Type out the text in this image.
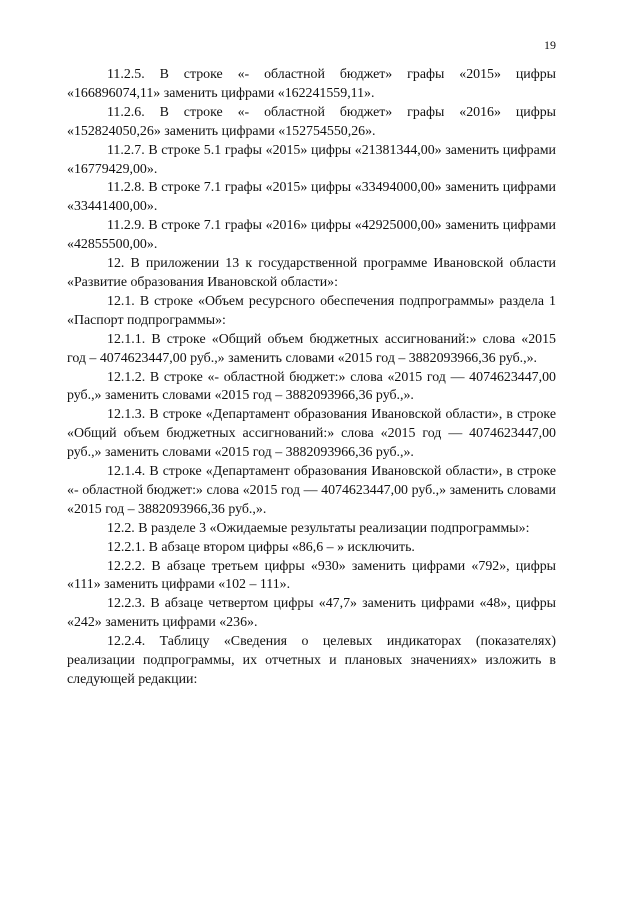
19

11.2.5. В строке «- областной бюджет» графы «2015» цифры «166896074,11» заменить цифрами «162241559,11».

11.2.6. В строке «- областной бюджет» графы «2016» цифры «152824050,26» заменить цифрами «152754550,26».

11.2.7. В строке 5.1 графы «2015» цифры «21381344,00» заменить цифрами «16779429,00».

11.2.8. В строке 7.1 графы «2015» цифры «33494000,00» заменить цифрами «33441400,00».

11.2.9. В строке 7.1 графы «2016» цифры «42925000,00» заменить цифрами «42855500,00».

12. В приложении 13 к государственной программе Ивановской области «Развитие образования Ивановской области»:

12.1. В строке «Объем ресурсного обеспечения подпрограммы» раздела 1 «Паспорт подпрограммы»:

12.1.1. В строке «Общий объем бюджетных ассигнований:» слова «2015 год – 4074623447,00 руб.,» заменить словами «2015 год – 3882093966,36 руб.,».

12.1.2. В строке «- областной бюджет:» слова «2015 год — 4074623447,00 руб.,» заменить словами «2015 год – 3882093966,36 руб.,».

12.1.3. В строке «Департамент образования Ивановской области», в строке «Общий объем бюджетных ассигнований:» слова «2015 год — 4074623447,00 руб.,» заменить словами «2015 год – 3882093966,36 руб.,».

12.1.4. В строке «Департамент образования Ивановской области», в строке «- областной бюджет:» слова «2015 год — 4074623447,00 руб.,» заменить словами «2015 год – 3882093966,36 руб.,».

12.2. В разделе 3 «Ожидаемые результаты реализации подпрограммы»:

12.2.1. В абзаце втором цифры «86,6 – » исключить.

12.2.2. В абзаце третьем цифры «930» заменить цифрами «792», цифры «111» заменить цифрами «102 – 111».

12.2.3. В абзаце четвертом цифры «47,7» заменить цифрами «48», цифры «242» заменить цифрами «236».

12.2.4. Таблицу «Сведения о целевых индикаторах (показателях) реализации подпрограммы, их отчетных и плановых значениях» изложить в следующей редакции:
